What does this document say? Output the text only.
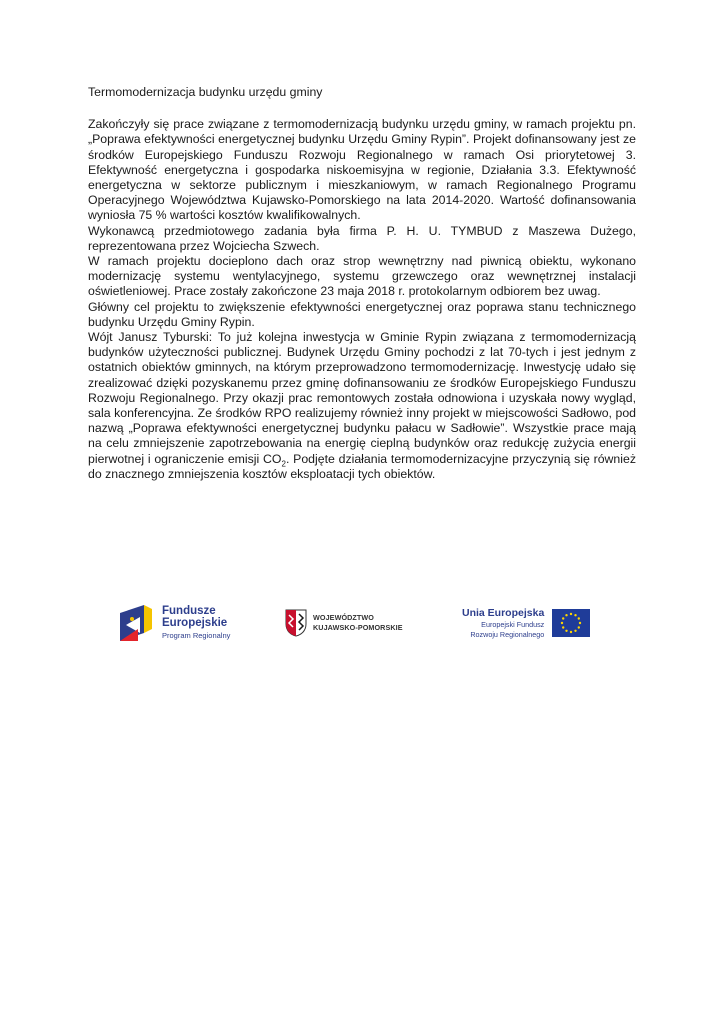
Termomodernizacja budynku urzędu gminy

Zakończyły się prace związane z termomodernizacją budynku urzędu gminy, w ramach projektu pn. „Poprawa efektywności energetycznej budynku Urzędu Gminy Rypin”. Projekt dofinansowany jest ze środków Europejskiego Funduszu Rozwoju Regionalnego w ramach Osi priorytetowej 3. Efektywność energetyczna i gospodarka niskoemisyjna w regionie, Działania 3.3. Efektywność energetyczna w sektorze publicznym i mieszkaniowym, w ramach Regionalnego Programu Operacyjnego Województwa Kujawsko-Pomorskiego na lata 2014-2020. Wartość dofinansowania wyniosła 75 % wartości kosztów kwalifikowalnych.

Wykonawcą przedmiotowego zadania była firma P. H. U. TYMBUD z Maszewa Dużego, reprezentowana przez Wojciecha Szwech.

W ramach projektu docieplono dach oraz strop wewnętrzny nad piwnicą obiektu, wykonano modernizację systemu wentylacyjnego, systemu grzewczego oraz wewnętrznej instalacji oświetleniowej. Prace zostały zakończone 23 maja 2018 r. protokolarnym odbiorem bez uwag.

Główny cel projektu to zwiększenie efektywności energetycznej oraz poprawa stanu technicznego budynku Urzędu Gminy Rypin.

Wójt Janusz Tyburski: To już kolejna inwestycja w Gminie Rypin związana z termomodernizacją budynków użyteczności publicznej. Budynek Urzędu Gminy pochodzi z lat 70-tych i jest jednym z ostatnich obiektów gminnych, na którym przeprowadzono termomodernizację. Inwestycję udało się zrealizować dzięki pozyskanemu przez gminę dofinansowaniu ze środków Europejskiego Funduszu Rozwoju Regionalnego. Przy okazji prac remontowych została odnowiona i uzyskała nowy wygląd, sala konferencyjna. Ze środków RPO realizujemy również inny projekt w miejscowości Sadłowo, pod nazwą „Poprawa efektywności energetycznej budynku pałacu w Sadłowie”. Wszystkie prace mają na celu zmniejszenie zapotrzebowania na energię cieplną budynków oraz redukcję zużycia energii pierwotnej i ograniczenie emisji $CO_2$. Podjęte działania termomodernizacyjne przyczynią się również do znacznego zmniejszenia kosztów eksploatacji tych obiektów.

Fundusze
Europejskie
Program Regionalny
WOJEWÓDZTWO
KUJAWSKO-POMORSKIE
Unia Europejska
Europejski Fundusz
Rozwoju Regionalnego
